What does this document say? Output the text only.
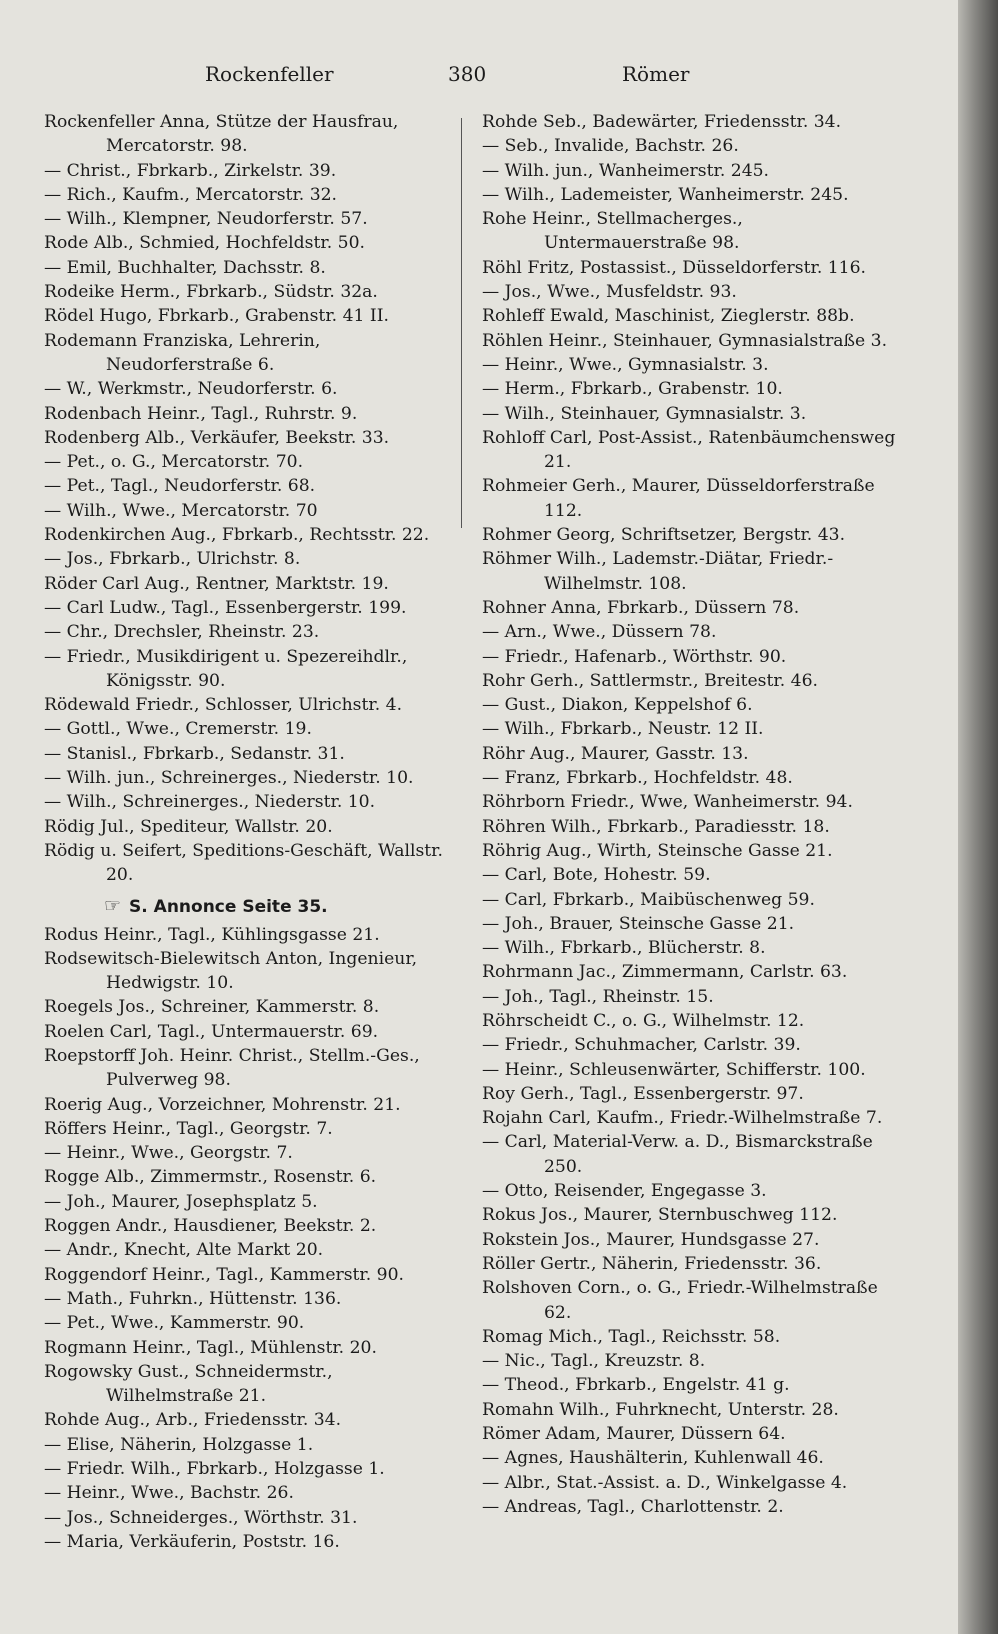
Rockenfeller	380	Römer
Rockenfeller Anna, Stütze der Hausfrau, Mercatorstr. 98.
— Christ., Fbrkarb., Zirkelstr. 39.
— Rich., Kaufm., Mercatorstr. 32.
— Wilh., Klempner, Neudorferstr. 57.
Rode Alb., Schmied, Hochfeldstr. 50.
— Emil, Buchhalter, Dachsstr. 8.
Rodeike Herm., Fbrkarb., Südstr. 32a.
Rödel Hugo, Fbrkarb., Grabenstr. 41 II.
Rodemann Franziska, Lehrerin, Neudorferstraße 6.
— W., Werkmstr., Neudorferstr. 6.
Rodenbach Heinr., Tagl., Ruhrstr. 9.
Rodenberg Alb., Verkäufer, Beekstr. 33.
— Pet., o. G., Mercatorstr. 70.
— Pet., Tagl., Neudorferstr. 68.
— Wilh., Wwe., Mercatorstr. 70
Rodenkirchen Aug., Fbrkarb., Rechtsstr. 22.
— Jos., Fbrkarb., Ulrichstr. 8.
Röder Carl Aug., Rentner, Marktstr. 19.
— Carl Ludw., Tagl., Essenbergerstr. 199.
— Chr., Drechsler, Rheinstr. 23.
— Friedr., Musikdirigent u. Spezereihdlr., Königsstr. 90.
Rödewald Friedr., Schlosser, Ulrichstr. 4.
— Gottl., Wwe., Cremerstr. 19.
— Stanisl., Fbrkarb., Sedanstr. 31.
— Wilh. jun., Schreinerges., Niederstr. 10.
— Wilh., Schreinerges., Niederstr. 10.
Rödig Jul., Spediteur, Wallstr. 20.
Rödig u. Seifert, Speditions-Geschäft, Wallstr. 20.
☞ S. Annonce Seite 35.
Rodus Heinr., Tagl., Kühlingsgasse 21.
Rodsewitsch-Bielewitsch Anton, Ingenieur, Hedwigstr. 10.
Roegels Jos., Schreiner, Kammerstr. 8.
Roelen Carl, Tagl., Untermauerstr. 69.
Roepstorff Joh. Heinr. Christ., Stellm.-Ges., Pulverweg 98.
Roerig Aug., Vorzeichner, Mohrenstr. 21.
Röffers Heinr., Tagl., Georgstr. 7.
— Heinr., Wwe., Georgstr. 7.
Rogge Alb., Zimmermstr., Rosenstr. 6.
— Joh., Maurer, Josephsplatz 5.
Roggen Andr., Hausdiener, Beekstr. 2.
— Andr., Knecht, Alte Markt 20.
Roggendorf Heinr., Tagl., Kammerstr. 90.
— Math., Fuhrkn., Hüttenstr. 136.
— Pet., Wwe., Kammerstr. 90.
Rogmann Heinr., Tagl., Mühlenstr. 20.
Rogowsky Gust., Schneidermstr., Wilhelmstraße 21.
Rohde Aug., Arb., Friedensstr. 34.
— Elise, Näherin, Holzgasse 1.
— Friedr. Wilh., Fbrkarb., Holzgasse 1.
— Heinr., Wwe., Bachstr. 26.
— Jos., Schneiderges., Wörthstr. 31.
— Maria, Verkäuferin, Poststr. 16.
Rohde Seb., Badewärter, Friedensstr. 34.
— Seb., Invalide, Bachstr. 26.
— Wilh. jun., Wanheimerstr. 245.
— Wilh., Lademeister, Wanheimerstr. 245.
Rohe Heinr., Stellmacherges., Untermauerstraße 98.
Röhl Fritz, Postassist., Düsseldorferstr. 116.
— Jos., Wwe., Musfeldstr. 93.
Rohleff Ewald, Maschinist, Zieglerstr. 88b.
Röhlen Heinr., Steinhauer, Gymnasialstraße 3.
— Heinr., Wwe., Gymnasialstr. 3.
— Herm., Fbrkarb., Grabenstr. 10.
— Wilh., Steinhauer, Gymnasialstr. 3.
Rohloff Carl, Post-Assist., Ratenbäumchensweg 21.
Rohmeier Gerh., Maurer, Düsseldorferstraße 112.
Rohmer Georg, Schriftsetzer, Bergstr. 43.
Röhmer Wilh., Lademstr.-Diätar, Friedr.-Wilhelmstr. 108.
Rohner Anna, Fbrkarb., Düssern 78.
— Arn., Wwe., Düssern 78.
— Friedr., Hafenarb., Wörthstr. 90.
Rohr Gerh., Sattlermstr., Breitestr. 46.
— Gust., Diakon, Keppelshof 6.
— Wilh., Fbrkarb., Neustr. 12 II.
Röhr Aug., Maurer, Gasstr. 13.
— Franz, Fbrkarb., Hochfeldstr. 48.
Röhrborn Friedr., Wwe, Wanheimerstr. 94.
Röhren Wilh., Fbrkarb., Paradiesstr. 18.
Röhrig Aug., Wirth, Steinsche Gasse 21.
— Carl, Bote, Hohestr. 59.
— Carl, Fbrkarb., Maibüschenweg 59.
— Joh., Brauer, Steinsche Gasse 21.
— Wilh., Fbrkarb., Blücherstr. 8.
Rohrmann Jac., Zimmermann, Carlstr. 63.
— Joh., Tagl., Rheinstr. 15.
Röhrscheidt C., o. G., Wilhelmstr. 12.
— Friedr., Schuhmacher, Carlstr. 39.
— Heinr., Schleusenwärter, Schifferstr. 100.
Roy Gerh., Tagl., Essenbergerstr. 97.
Rojahn Carl, Kaufm., Friedr.-Wilhelmstraße 7.
— Carl, Material-Verw. a. D., Bismarckstraße 250.
— Otto, Reisender, Engegasse 3.
Rokus Jos., Maurer, Sternbuschweg 112.
Rokstein Jos., Maurer, Hundsgasse 27.
Röller Gertr., Näherin, Friedensstr. 36.
Rolshoven Corn., o. G., Friedr.-Wilhelmstraße 62.
Romag Mich., Tagl., Reichsstr. 58.
— Nic., Tagl., Kreuzstr. 8.
— Theod., Fbrkarb., Engelstr. 41 g.
Romahn Wilh., Fuhrknecht, Unterstr. 28.
Römer Adam, Maurer, Düssern 64.
— Agnes, Haushälterin, Kuhlenwall 46.
— Albr., Stat.-Assist. a. D., Winkelgasse 4.
— Andreas, Tagl., Charlottenstr. 2.
